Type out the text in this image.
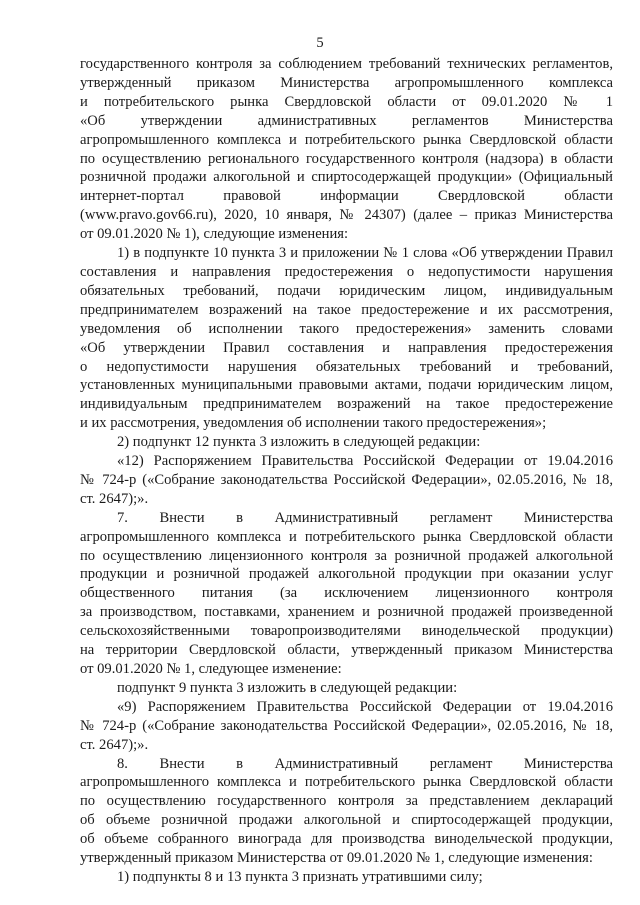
5

государственного контроля за соблюдением требований технических регламентов,

утвержденный приказом Министерства агропромышленного комплекса

и потребительского рынка Свердловской области от 09.01.2020 № 1

«Об утверждении административных регламентов Министерства

агропромышленного комплекса и потребительского рынка Свердловской области

по осуществлению регионального государственного контроля (надзора) в области

розничной продажи алкогольной и спиртосодержащей продукции» (Официальный

интернет-портал правовой информации Свердловской области

(www.pravo.gov66.ru), 2020, 10 января, № 24307) (далее – приказ Министерства

от 09.01.2020 № 1), следующие изменения:

1) в подпункте 10 пункта 3 и приложении № 1 слова «Об утверждении Правил

составления и направления предостережения о недопустимости нарушения

обязательных требований, подачи юридическим лицом, индивидуальным

предпринимателем возражений на такое предостережение и их рассмотрения,

уведомления об исполнении такого предостережения» заменить словами

«Об утверждении Правил составления и направления предостережения

о недопустимости нарушения обязательных требований и требований,

установленных муниципальными правовыми актами, подачи юридическим лицом,

индивидуальным предпринимателем возражений на такое предостережение

и их рассмотрения, уведомления об исполнении такого предостережения»;

2) подпункт 12 пункта 3 изложить в следующей редакции:

«12) Распоряжением Правительства Российской Федерации от 19.04.2016

№ 724-р («Собрание законодательства Российской Федерации», 02.05.2016, № 18,

ст. 2647);».

7. Внести в Административный регламент Министерства

агропромышленного комплекса и потребительского рынка Свердловской области

по осуществлению лицензионного контроля за розничной продажей алкогольной

продукции и розничной продажей алкогольной продукции при оказании услуг

общественного питания (за исключением лицензионного контроля

за производством, поставками, хранением и розничной продажей произведенной

сельскохозяйственными товаропроизводителями винодельческой продукции)

на территории Свердловской области, утвержденный приказом Министерства

от 09.01.2020 № 1, следующее изменение:

подпункт 9 пункта 3 изложить в следующей редакции:

«9) Распоряжением Правительства Российской Федерации от 19.04.2016

№ 724-р («Собрание законодательства Российской Федерации», 02.05.2016, № 18,

ст. 2647);».

8. Внести в Административный регламент Министерства

агропромышленного комплекса и потребительского рынка Свердловской области

по осуществлению государственного контроля за представлением деклараций

об объеме розничной продажи алкогольной и спиртосодержащей продукции,

об объеме собранного винограда для производства винодельческой продукции,

утвержденный приказом Министерства от 09.01.2020 № 1, следующие изменения:

1) подпункты 8 и 13 пункта 3 признать утратившими силу;
